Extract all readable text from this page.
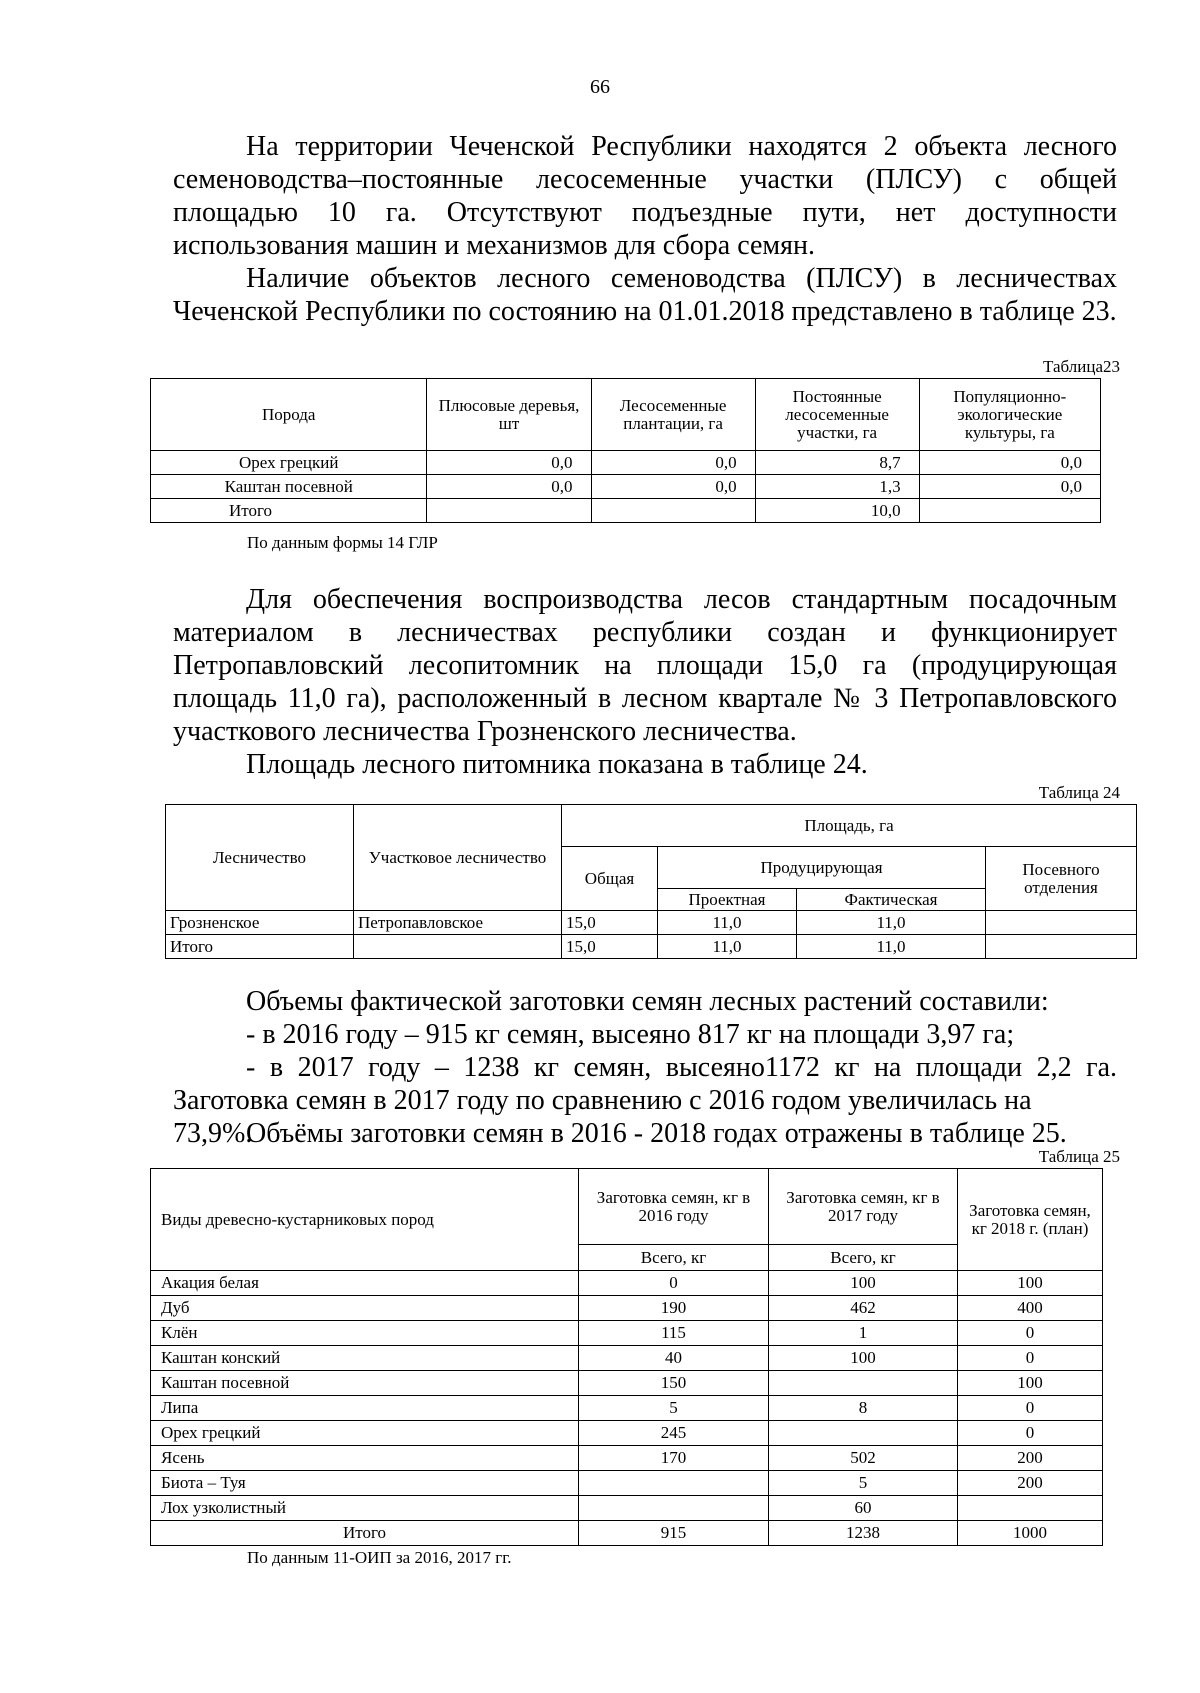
66

На территории Чеченской Республики находятся 2 объекта лесного семеноводства–постоянные лесосеменные участки (ПЛСУ) с общей площадью 10 га. Отсутствуют подъездные пути, нет доступности использования машин и механизмов для сбора семян.

Наличие объектов лесного семеноводства (ПЛСУ) в лесничествах Чеченской Республики по состоянию на 01.01.2018 представлено в таблице 23.

Таблица23
Порода	Плюсовые деревья, шт	Лесосеменные плантации, га	Постоянные лесосеменные участки, га	Популяционно-экологические культуры, га
Орех грецкий	0,0	0,0	8,7	0,0
Каштан посевной	0,0	0,0	1,3	0,0
Итого			10,0	
По данным формы 14 ГЛР

Для обеспечения воспроизводства лесов стандартным посадочным материалом в лесничествах республики создан и функционирует Петропавловский лесопитомник на площади 15,0 га (продуцирующая площадь 11,0 га), расположенный в лесном квартале № 3 Петропавловского участкового лесничества Грозненского лесничества.

Площадь лесного питомника показана в таблице 24.

Таблица 24
Лесничество	Участковое лесничество	Площадь, га			
		Общая	Продуцирующая		Посевного отделения
			Проектная	Фактическая	
Грозненское	Петропавловское	15,0	11,0	11,0	
Итого		15,0	11,0	11,0	

Объемы фактической заготовки семян лесных растений составили:

- в 2016 году – 915 кг семян, высеяно 817 кг на площади 3,97 га;

- в 2017 году – 1238 кг семян, высеяно1172 кг на площади 2,2 га.

Заготовка семян в 2017 году по сравнению с 2016 годом увеличилась на 73,9%.

Объёмы заготовки семян в 2016 - 2018 годах отражены в таблице 25.

Таблица 25
Виды древесно-кустарниковых пород	Заготовка семян, кг в 2016 году	Заготовка семян, кг в 2017 году	Заготовка семян, кг 2018 г. (план)
	Всего, кг	Всего, кг	
Акация белая	0	100	100
Дуб	190	462	400
Клён	115	1	0
Каштан конский	40	100	0
Каштан посевной	150		100
Липа	5	8	0
Орех грецкий	245		0
Ясень	170	502	200
Биота – Туя		5	200
Лох узколистный		60	
Итого	915	1238	1000
По данным 11-ОИП за 2016, 2017 гг.
